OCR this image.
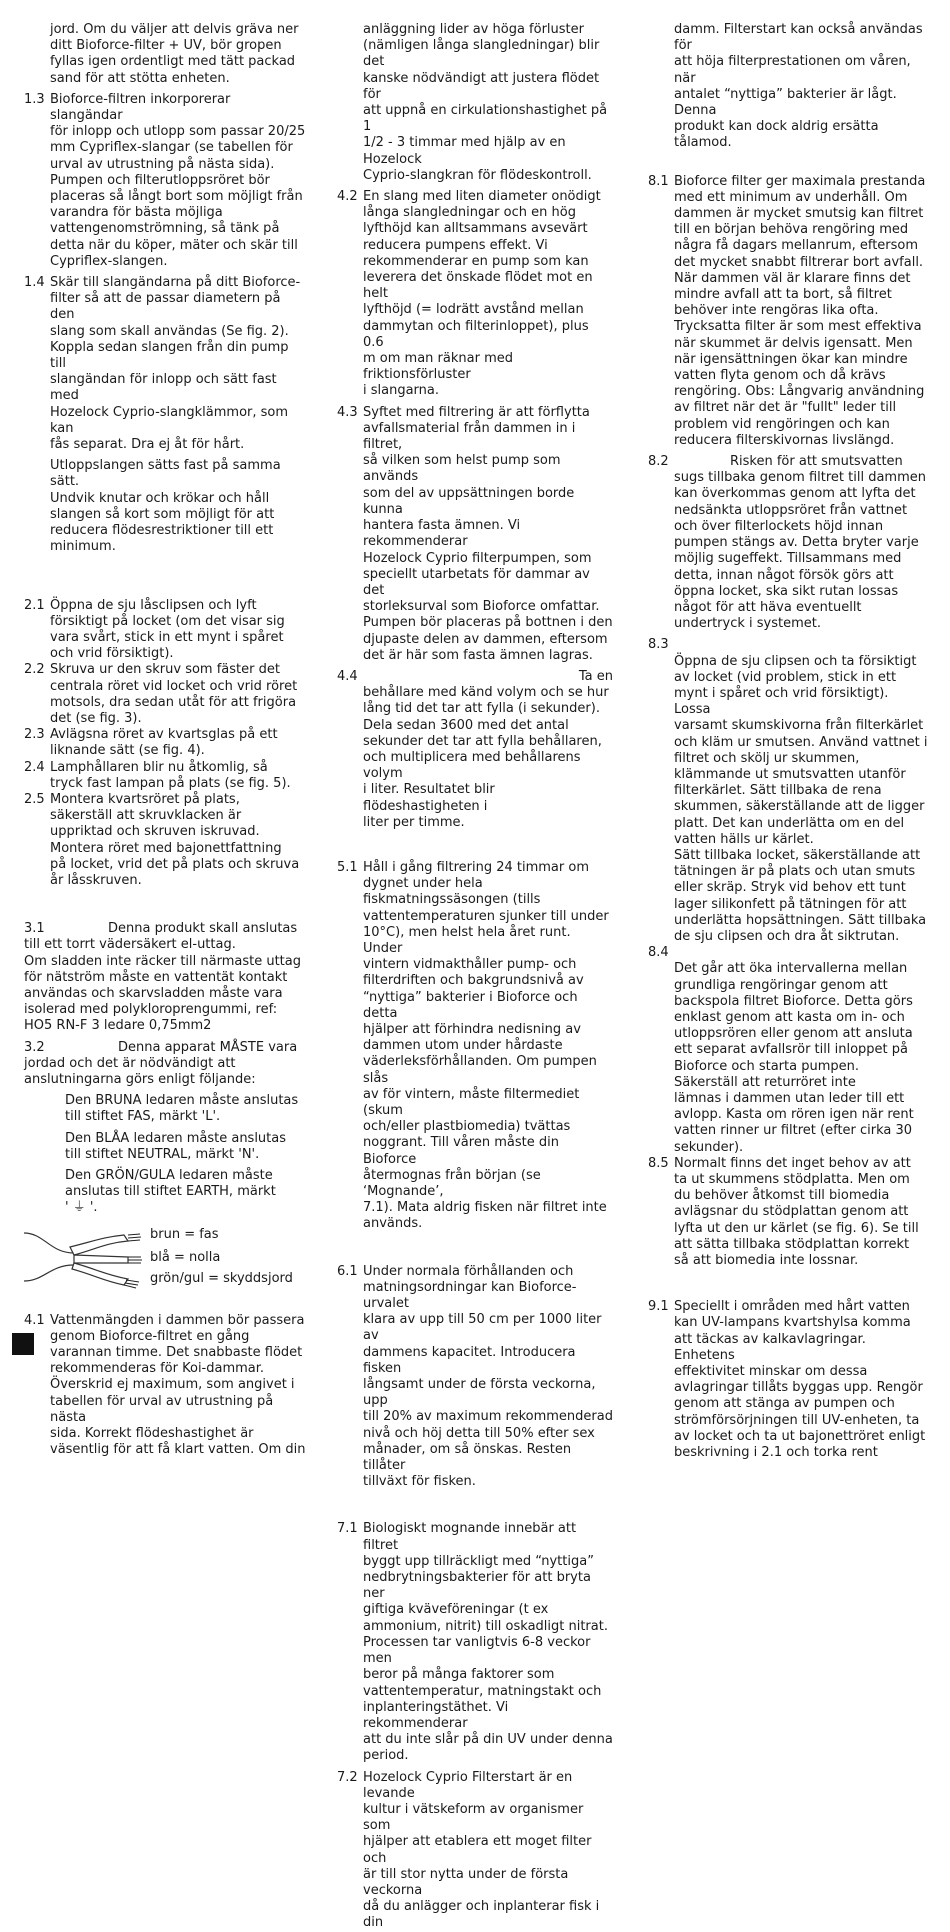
jord. Om du väljer att delvis gräva ner
ditt Bioforce-filter + UV, bör gropen
fyllas igen ordentligt med tätt packad
sand för att stötta enheten.

1.3 Bioforce-filtren inkorporerar slangändar
för inlopp och utlopp som passar 20/25
mm Cypriflex-slangar (se tabellen för
urval av utrustning på nästa sida).
Pumpen och filterutloppsröret bör
placeras så långt bort som möjligt från
varandra för bästa möjliga
vattengenomströmning, så tänk på
detta när du köper, mäter och skär till
Cypriflex-slangen.
1.4 Skär till slangändarna på ditt Bioforce-
filter så att de passar diametern på den
slang som skall användas (Se fig. 2).
Koppla sedan slangen från din pump till
slangändan för inlopp och sätt fast med
Hozelock Cyprio-slangklämmor, som kan
fås separat. Dra ej åt för hårt.

Utloppslangen sätts fast på samma sätt.
Undvik knutar och krökar och håll
slangen så kort som möjligt för att
reducera flödesrestriktioner till ett
minimum.

2.1 Öppna de sju låsclipsen och lyft
försiktigt på locket (om det visar sig
vara svårt, stick in ett mynt i spåret
och vrid försiktigt).
2.2 Skruva ur den skruv som fäster det
centrala röret vid locket och vrid röret
motsols, dra sedan utåt för att frigöra
det (se fig. 3).
2.3 Avlägsna röret av kvartsglas på ett
liknande sätt (se fig. 4).
2.4 Lamphållaren blir nu åtkomlig, så
tryck fast lampan på plats (se fig. 5).
2.5 Montera kvartsröret på plats,
säkerställ att skruvklacken är
uppriktad och skruven iskruvad.
Montera röret med bajonettfattning
på locket, vrid det på plats och skruva
år låsskruven.
3.1	Denna produkt skall anslutas
till ett torrt vädersäkert el-uttag.
Om sladden inte räcker till närmaste uttag
för nätström måste en vattentät kontakt
användas och skarvsladden måste vara
isolerad med polykloroprengummi, ref:
HO5 RN-F 3 ledare 0,75mm2
3.2	Denna apparat MÅSTE vara
jordad och det är nödvändigt att
anslutningarna görs enligt följande:

Den BRUNA ledaren måste anslutas
till stiftet FAS, märkt 'L'.

Den BLÅA ledaren måste anslutas
till stiftet NEUTRAL, märkt 'N'.

Den GRÖN/GULA ledaren måste
anslutas till stiftet EARTH, märkt

' ⏚ '.

brun = fas
blå = nolla
grön/gul = skyddsjord
4.1 Vattenmängden i dammen bör passera
genom Bioforce-filtret en gång
varannan timme. Det snabbaste flödet
rekommenderas för Koi-dammar.
Överskrid ej maximum, som angivet i
tabellen för urval av utrustning på nästa
sida. Korrekt flödeshastighet är
väsentlig för att få klart vatten. Om din

anläggning lider av höga förluster
(nämligen långa slangledningar) blir det
kanske nödvändigt att justera flödet för
att uppnå en cirkulationshastighet på 1
1/2 - 3 timmar med hjälp av en Hozelock
Cyprio-slangkran för flödeskontroll.

4.2 En slang med liten diameter onödigt
långa slangledningar och en hög
lyfthöjd kan alltsammans avsevärt
reducera pumpens effekt. Vi
rekommenderar en pump som kan
leverera det önskade flödet mot en helt
lyfthöjd (= lodrätt avstånd mellan
dammytan och filterinloppet), plus 0.6
m om man räknar med friktionsförluster
i slangarna.
4.3 Syftet med filtrering är att förflytta
avfallsmaterial från dammen in i filtret,
så vilken som helst pump som används
som del av uppsättningen borde kunna
hantera fasta ämnen. Vi rekommenderar
Hozelock Cyprio filterpumpen, som
speciellt utarbetats för dammar av det
storleksurval som Bioforce omfattar.
Pumpen bör placeras på bottnen i den
djupaste delen av dammen, eftersom
det är här som fasta ämnen lagras.
4.4	Ta en

behållare med känd volym och se hur
lång tid det tar att fylla (i sekunder).
Dela sedan 3600 med det antal
sekunder det tar att fylla behållaren,
och multiplicera med behållarens volym
i liter. Resultatet blir flödeshastigheten i
liter per timme.

5.1 Håll i gång filtrering 24 timmar om
dygnet under hela
fiskmatningssäsongen (tills
vattentemperaturen sjunker till under
10°C), men helst hela året runt. Under
vintern vidmakthåller pump- och
filterdriften och bakgrundsnivå av
“nyttiga” bakterier i Bioforce och detta
hjälper att förhindra nedisning av
dammen utom under hårdaste
väderleksförhållanden. Om pumpen slås
av för vintern, måste filtermediet (skum
och/eller plastbiomedia) tvättas
noggrant. Till våren måste din Bioforce
återmognas från början (se ‘Mognande’,
7.1). Mata aldrig fisken när filtret inte
används.
6.1 Under normala förhållanden och
matningsordningar kan Bioforce-urvalet
klara av upp till 50 cm per 1000 liter av
dammens kapacitet. Introducera fisken
långsamt under de första veckorna, upp
till 20% av maximum rekommenderad
nivå och höj detta till 50% efter sex
månader, om så önskas. Resten tillåter
tillväxt för fisken.
7.1 Biologiskt mognande innebär att filtret
byggt upp tillräckligt med “nyttiga”
nedbrytningsbakterier för att bryta ner
giftiga kväveföreningar (t ex
ammonium, nitrit) till oskadligt nitrat.
Processen tar vanligtvis 6-8 veckor men
beror på många faktorer som
vattentemperatur, matningstakt och
inplanteringstäthet. Vi rekommenderar
att du inte slår på din UV under denna
period.
7.2 Hozelock Cyprio Filterstart är en levande
kultur i vätskeform av organismer som
hjälper att etablera ett moget filter och
är till stor nytta under de första veckorna
då du anlägger och inplanterar fisk i din

damm. Filterstart kan också användas för
att höja filterprestationen om våren, när
antalet “nyttiga” bakterier är lågt. Denna
produkt kan dock aldrig ersätta tålamod.

8.1 Bioforce filter ger maximala prestanda
med ett minimum av underhåll. Om
dammen är mycket smutsig kan filtret
till en början behöva rengöring med
några få dagars mellanrum, eftersom
det mycket snabbt filtrerar bort avfall.
När dammen väl är klarare finns det
mindre avfall att ta bort, så filtret
behöver inte rengöras lika ofta.
Trycksatta filter är som mest effektiva
när skummet är delvis igensatt. Men
när igensättningen ökar kan mindre
vatten flyta genom och då krävs
rengöring. Obs: Långvarig användning
av filtret när det är "fullt" leder till
problem vid rengöringen och kan
reducera filterskivornas livslängd.
8.2	Risken för att smutsvatten

sugs tillbaka genom filtret till dammen
kan överkommas genom att lyfta det
nedsänkta utloppsröret från vattnet
och över filterlockets höjd innan
pumpen stängs av. Detta bryter varje
möjlig sugeffekt. Tillsammans med
detta, innan något försök görs att
öppna locket, ska sikt rutan lossas
något för att häva eventuellt
undertryck i systemet.

8.3

Öppna de sju clipsen och ta försiktigt
av locket (vid problem, stick in ett
mynt i spåret och vrid försiktigt). Lossa
varsamt skumskivorna från filterkärlet
och kläm ur smutsen. Använd vattnet i
filtret och skölj ur skummen,
klämmande ut smutsvatten utanför
filterkärlet. Sätt tillbaka de rena
skummen, säkerställande att de ligger
platt. Det kan underlätta om en del
vatten hälls ur kärlet.
Sätt tillbaka locket, säkerställande att
tätningen är på plats och utan smuts
eller skräp. Stryk vid behov ett tunt
lager silikonfett på tätningen för att
underlätta hopsättningen. Sätt tillbaka
de sju clipsen och dra åt siktrutan.

8.4

Det går att öka intervallerna mellan
grundliga rengöringar genom att
backspola filtret Bioforce. Detta görs
enklast genom att kasta om in- och
utloppsrören eller genom att ansluta
ett separat avfallsrör till inloppet på
Bioforce och starta pumpen.
Säkerställ att returröret inte
lämnas i dammen utan leder till ett
avlopp. Kasta om rören igen när rent
vatten rinner ur filtret (efter cirka 30
sekunder).

8.5 Normalt finns det inget behov av att
ta ut skummens stödplatta. Men om
du behöver åtkomst till biomedia
avlägsnar du stödplattan genom att
lyfta ut den ur kärlet (se fig. 6). Se till
att sätta tillbaka stödplattan korrekt
så att biomedia inte lossnar.
9.1 Speciellt i områden med hårt vatten
kan UV-lampans kvartshylsa komma
att täckas av kalkavlagringar. Enhetens
effektivitet minskar om dessa
avlagringar tillåts byggas upp. Rengör
genom att stänga av pumpen och
strömförsörjningen till UV-enheten, ta
av locket och ta ut bajonettröret enligt
beskrivning i 2.1 och torka rent
